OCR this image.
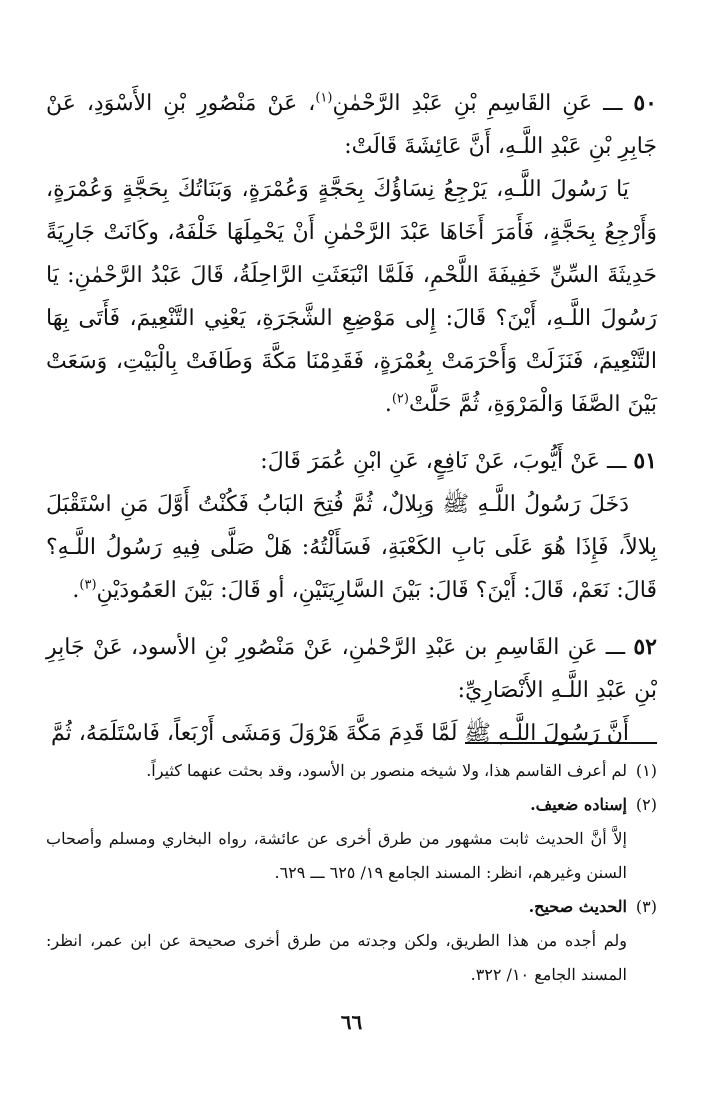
٥٠ ـــ عَنِ القَاسِمِ بْنِ عَبْدِ الرَّحْمٰنِ$^{(١)}$، عَنْ مَنْصُورِ بْنِ الأَسْوَدِ، عَنْ جَابِرِ بْنِ عَبْدِ اللَّـهِ، أَنَّ عَائِشَةَ قَالَتْ:

يَا رَسُولَ اللَّـهِ، يَرْجِعُ نِسَاؤُكَ بِحَجَّةٍ وَعُمْرَةٍ، وَبَنَاتُكَ بِحَجَّةٍ وَعُمْرَةٍ، وَأَرْجِعُ بِحَجَّةٍ، فَأَمَرَ أَخَاهَا عَبْدَ الرَّحْمٰنِ أَنْ يَحْمِلَهَا خَلْفَهُ، وكَانَتْ جَارِيَةً حَدِيثَةَ السِّنِّ خَفِيفَةَ اللَّحْمِ، فَلَمَّا انْبَعَثَتِ الرَّاحِلَةُ، قَالَ عَبْدُ الرَّحْمٰنِ: يَا رَسُولَ اللَّـهِ، أَيْنَ؟ قَالَ: إِلى مَوْضِعِ الشَّجَرَةِ، يَعْنِي التَّنْعِيمَ، فَأَتَى بِهَا التَّنْعِيمَ، فَنَزَلَتْ وَأَحْرَمَتْ بِعُمْرَةٍ، فَقَدِمْنَا مَكَّةَ وَطَافَتْ بِالْبَيْتِ، وَسَعَتْ بَيْنَ الصَّفَا وَالْمَرْوَةِ، ثُمَّ حَلَّتْ$^{(٢)}$.

٥١ ـــ عَنْ أَيُّوبَ، عَنْ نَافِعٍ، عَنِ ابْنِ عُمَرَ قَالَ:

دَخَلَ رَسُولُ اللَّـهِ ﷺ وَبِلالٌ، ثُمَّ فُتِحَ البَابُ فَكُنْتُ أَوَّلَ مَنِ اسْتَقْبَلَ بِلالاً، فَإِذَا هُوَ عَلَى بَابِ الكَعْبَةِ، فَسَأَلْتُهُ: هَلْ صَلَّى فِيهِ رَسُولُ اللَّـهِ؟ قَالَ: نَعَمْ، قَالَ: أَيْنَ؟ قَالَ: بَيْنَ السَّارِيَتَيْنِ، أو قَالَ: بَيْنَ العَمُودَيْنِ$^{(٣)}$.

٥٢ ـــ عَنِ القَاسِمِ بن عَبْدِ الرَّحْمٰنِ، عَنْ مَنْصُورِ بْنِ الأسود، عَنْ جَابِرِ بْنِ عَبْدِ اللَّـهِ الأَنْصَارِيِّ:

أَنَّ رَسُولَ اللَّـهِ ﷺ لَمَّا قَدِمَ مَكَّةَ هَرْوَلَ وَمَشَى أَرْبَعاً، فَاسْتَلَمَهُ، ثُمَّ

(١)لم أعرف القاسم هذا، ولا شيخه منصور بن الأسود، وقد بحثت عنهما كثيراً.

(٢)إسناده ضعيف.

إلاَّ أنَّ الحديث ثابت مشهور من طرق أخرى عن عائشة، رواه البخاري ومسلم وأصحاب السنن وغيرهم، انظر: المسند الجامع ١٩/ ٦٢٥ ـــ ٦٢٩.

(٣)الحديث صحيح.

ولم أجده من هذا الطريق، ولكن وجدته من طرق أخرى صحيحة عن ابن عمر، انظر: المسند الجامع ١٠/ ٣٢٢.

٦٦
